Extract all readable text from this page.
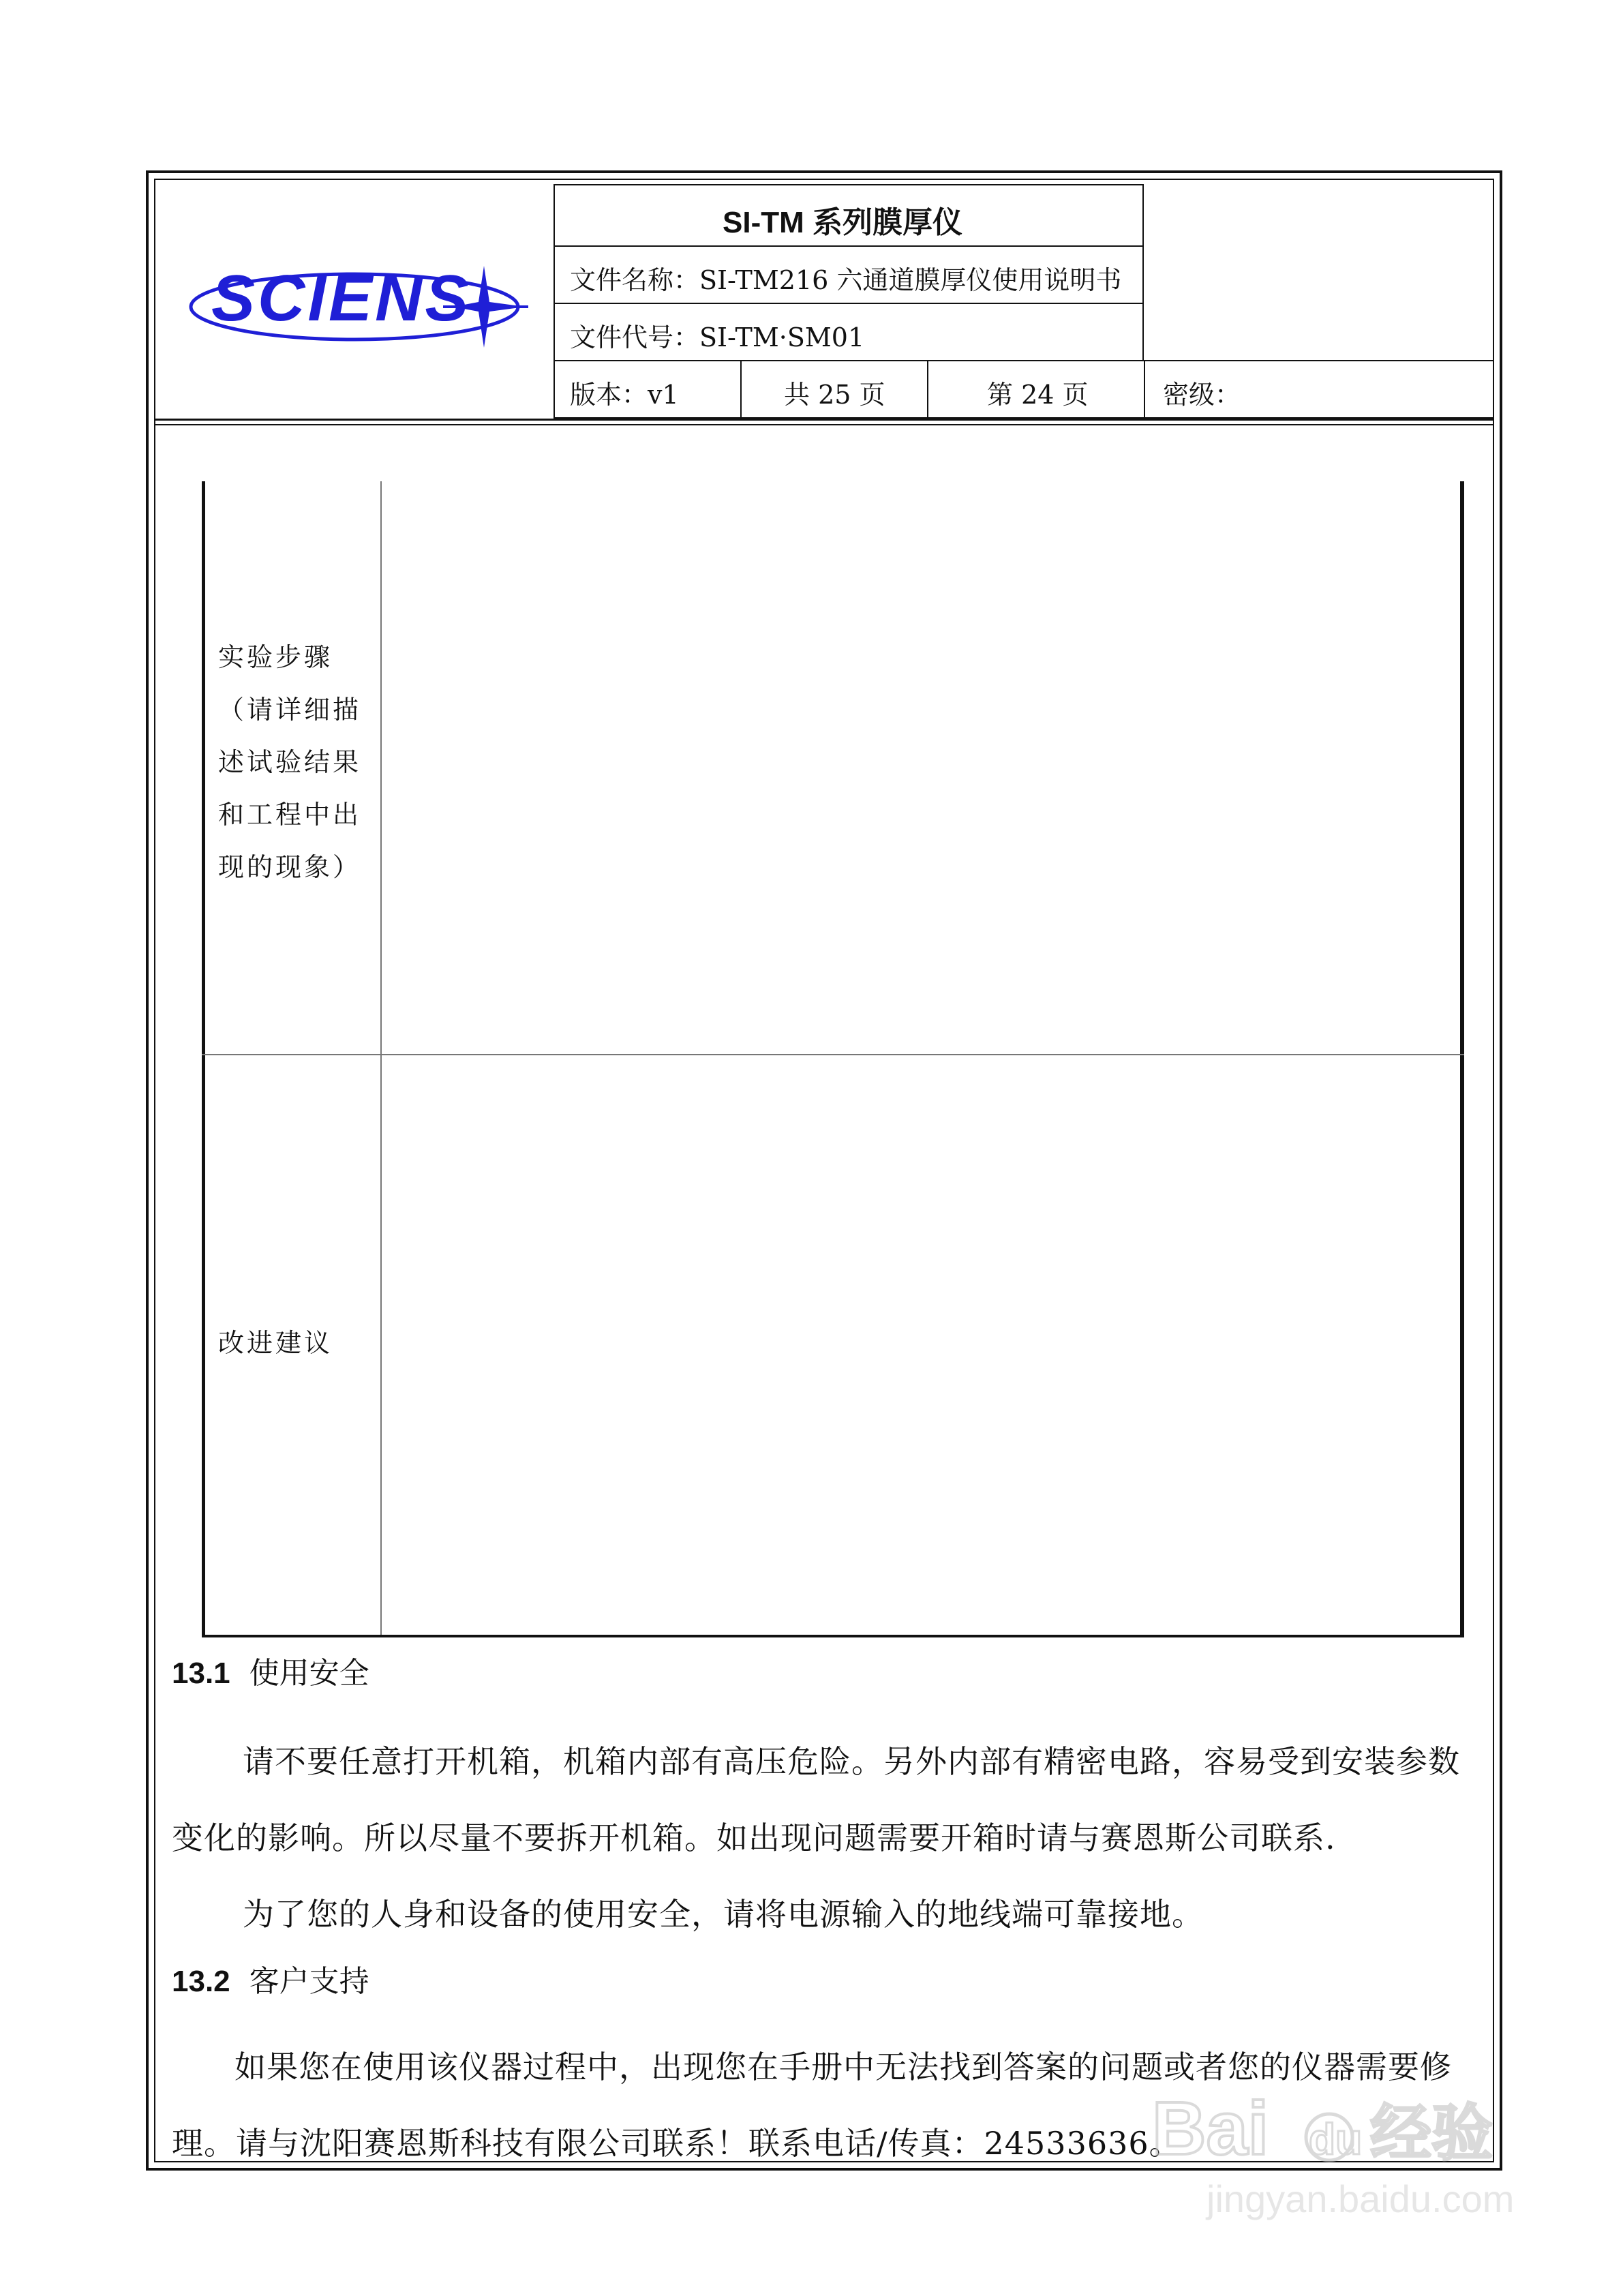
SCIENS
SI-TM 系列膜厚仪
文件名称：SI-TM216 六通道膜厚仪使用说明书
文件代号：SI-TM·SM01
版本：v1	共 25 页	第 24 页	密级：
实验步骤
（请详细描
述试验结果
和工程中出
现的现象）
改进建议
13.1 使用安全
请不要任意打开机箱，机箱内部有高压危险。另外内部有精密电路，容易受到安装参数变化的影响。所以尽量不要拆开机箱。如出现问题需要开箱时请与赛恩斯公司联系.
为了您的人身和设备的使用安全，请将电源输入的地线端可靠接地。
13.2 客户支持
如果您在使用该仪器过程中，出现您在手册中无法找到答案的问题或者您的仪器需要修理。请与沈阳赛恩斯科技有限公司联系！联系电话/传真：24533636。
Bai du 经验
jingyan.baidu.com
